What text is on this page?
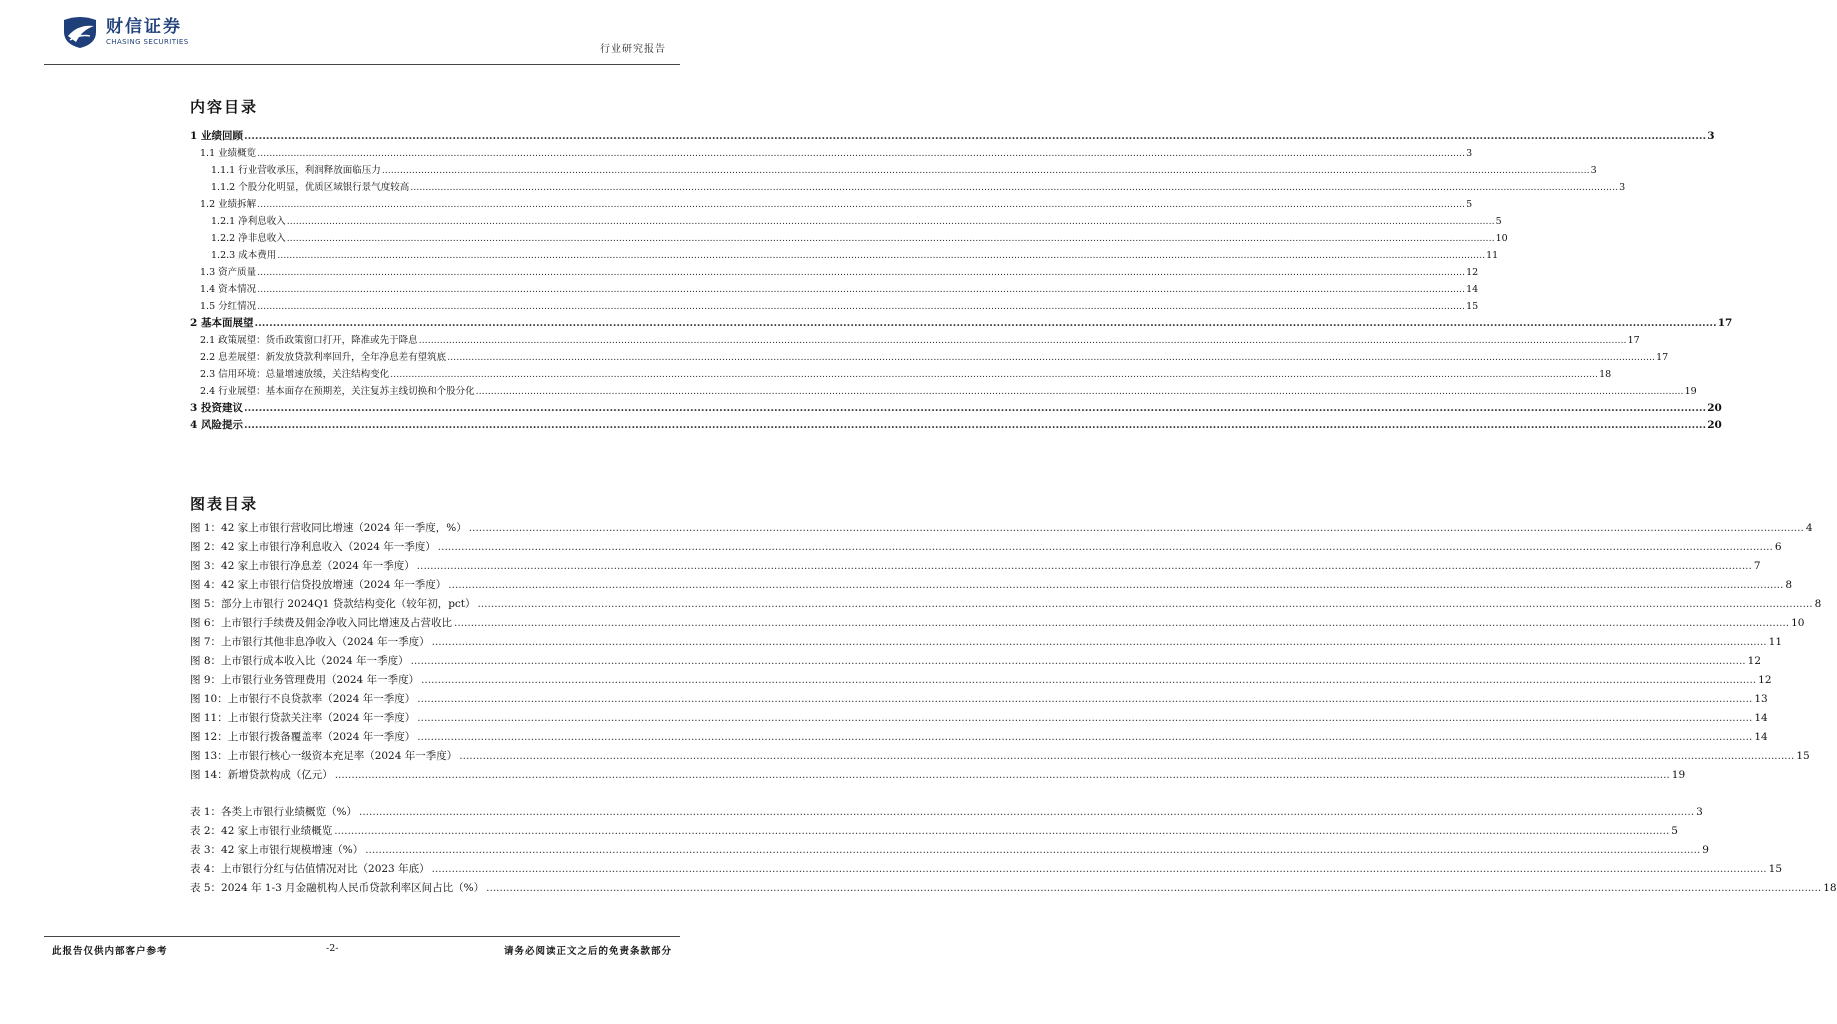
财信证券
CHASING SECURITIES
行业研究报告
内容目录
1 业绩回顾 ................................................................................................................................................................................................................................................................................................................................................................................................................ 3
1.1 业绩概览 ................................................................................................................................................................................................................................................................................................................................................................................................................ 3
1.1.1 行业营收承压，利润释放面临压力 ................................................................................................................................................................................................................................................................................................................................................................................................................ 3
1.1.2 个股分化明显，优质区域银行景气度较高 ................................................................................................................................................................................................................................................................................................................................................................................................................ 3
1.2 业绩拆解 ................................................................................................................................................................................................................................................................................................................................................................................................................ 5
1.2.1 净利息收入 ................................................................................................................................................................................................................................................................................................................................................................................................................ 5
1.2.2 净非息收入 ................................................................................................................................................................................................................................................................................................................................................................................................................ 10
1.2.3 成本费用 ................................................................................................................................................................................................................................................................................................................................................................................................................ 11
1.3 资产质量 ................................................................................................................................................................................................................................................................................................................................................................................................................ 12
1.4 资本情况 ................................................................................................................................................................................................................................................................................................................................................................................................................ 14
1.5 分红情况 ................................................................................................................................................................................................................................................................................................................................................................................................................ 15
2 基本面展望 ................................................................................................................................................................................................................................................................................................................................................................................................................ 17
2.1 政策展望：货币政策窗口打开，降准或先于降息 ................................................................................................................................................................................................................................................................................................................................................................................................................ 17
2.2 息差展望：新发放贷款利率回升，全年净息差有望筑底 ................................................................................................................................................................................................................................................................................................................................................................................................................ 17
2.3 信用环境：总量增速放缓，关注结构变化 ................................................................................................................................................................................................................................................................................................................................................................................................................ 18
2.4 行业展望：基本面存在预期差，关注复苏主线切换和个股分化 ................................................................................................................................................................................................................................................................................................................................................................................................................ 19
3 投资建议 ................................................................................................................................................................................................................................................................................................................................................................................................................ 20
4 风险提示 ................................................................................................................................................................................................................................................................................................................................................................................................................ 20
图表目录
图 1：42 家上市银行营收同比增速（2024 年一季度，%） ................................................................................................................................................................................................................................................................................................................................................................................................................ 4
图 2：42 家上市银行净利息收入（2024 年一季度） ................................................................................................................................................................................................................................................................................................................................................................................................................ 6
图 3：42 家上市银行净息差（2024 年一季度） ................................................................................................................................................................................................................................................................................................................................................................................................................ 7
图 4：42 家上市银行信贷投放增速（2024 年一季度） ................................................................................................................................................................................................................................................................................................................................................................................................................ 8
图 5：部分上市银行 2024Q1 贷款结构变化（较年初，pct） ................................................................................................................................................................................................................................................................................................................................................................................................................ 8
图 6：上市银行手续费及佣金净收入同比增速及占营收比 ................................................................................................................................................................................................................................................................................................................................................................................................................ 10
图 7：上市银行其他非息净收入（2024 年一季度） ................................................................................................................................................................................................................................................................................................................................................................................................................ 11
图 8：上市银行成本收入比（2024 年一季度） ................................................................................................................................................................................................................................................................................................................................................................................................................ 12
图 9：上市银行业务管理费用（2024 年一季度） ................................................................................................................................................................................................................................................................................................................................................................................................................ 12
图 10：上市银行不良贷款率（2024 年一季度） ................................................................................................................................................................................................................................................................................................................................................................................................................ 13
图 11：上市银行贷款关注率（2024 年一季度） ................................................................................................................................................................................................................................................................................................................................................................................................................ 14
图 12：上市银行拨备覆盖率（2024 年一季度） ................................................................................................................................................................................................................................................................................................................................................................................................................ 14
图 13：上市银行核心一级资本充足率（2024 年一季度） ................................................................................................................................................................................................................................................................................................................................................................................................................ 15
图 14：新增贷款构成（亿元） ................................................................................................................................................................................................................................................................................................................................................................................................................ 19
表 1：各类上市银行业绩概览（%） ................................................................................................................................................................................................................................................................................................................................................................................................................ 3
表 2：42 家上市银行业绩概览 ................................................................................................................................................................................................................................................................................................................................................................................................................ 5
表 3：42 家上市银行规模增速（%） ................................................................................................................................................................................................................................................................................................................................................................................................................ 9
表 4：上市银行分红与估值情况对比（2023 年底） ................................................................................................................................................................................................................................................................................................................................................................................................................ 15
表 5：2024 年 1-3 月金融机构人民币贷款利率区间占比（%） ................................................................................................................................................................................................................................................................................................................................................................................................................ 18
此报告仅供内部客户参考	-2-	请务必阅读正文之后的免责条款部分
